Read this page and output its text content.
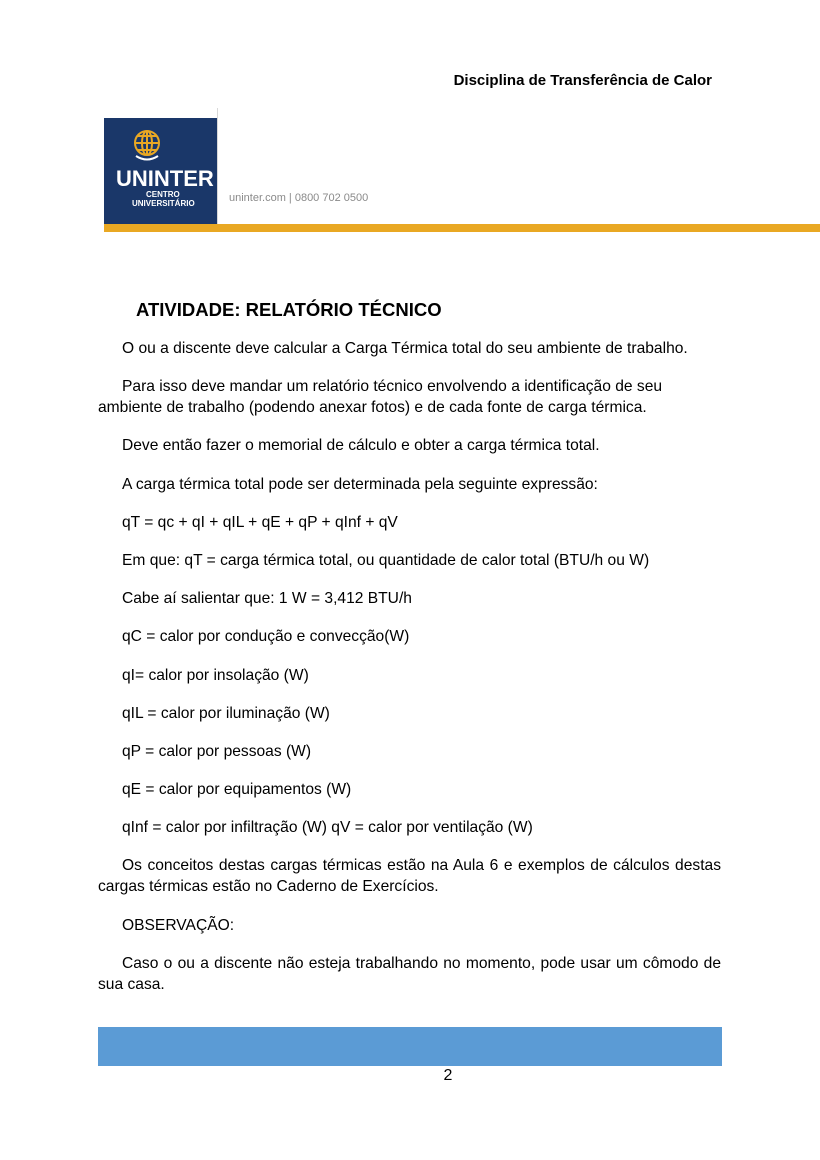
Disciplina de Transferência de Calor
UNINTER
CENTRO
UNIVERSITÁRIO	uninter.com | 0800 702 0500
ATIVIDADE: RELATÓRIO TÉCNICO

O ou a discente deve calcular a Carga Térmica total do seu ambiente de trabalho.

Para isso deve mandar um relatório técnico envolvendo a identificação de seu ambiente de trabalho (podendo anexar fotos) e de cada fonte de carga térmica.

Deve então fazer o memorial de cálculo e obter a carga térmica total.

A carga térmica total pode ser determinada pela seguinte expressão:

qT = qc + qI + qIL + qE + qP + qInf + qV

Em que: qT = carga térmica total, ou quantidade de calor total (BTU/h ou W)

Cabe aí salientar que: 1 W = 3,412 BTU/h

qC = calor por condução e convecção(W)

qI= calor por insolação (W)

qIL = calor por iluminação (W)

qP = calor por pessoas (W)

qE = calor por equipamentos (W)

qInf = calor por infiltração (W) qV = calor por ventilação (W)

Os conceitos destas cargas térmicas estão na Aula 6 e exemplos de cálculos destas cargas térmicas estão no Caderno de Exercícios.

OBSERVAÇÃO:

Caso o ou a discente não esteja trabalhando no momento, pode usar um cômodo de sua casa.

2
